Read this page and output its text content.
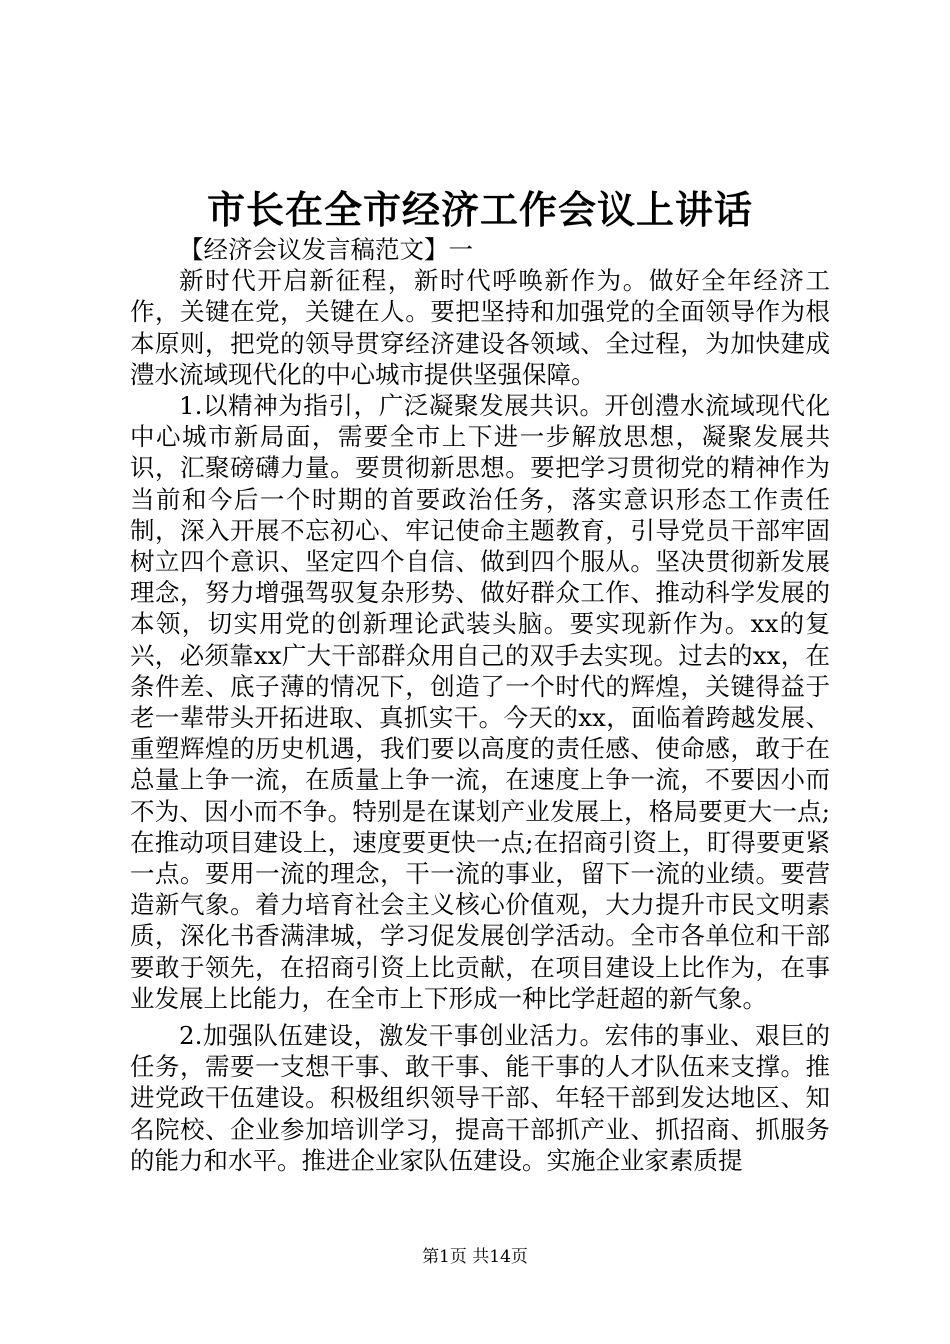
市长在全市经济工作会议上讲话

【经济会议发言稿范文】一

新时代开启新征程，新时代呼唤新作为。做好全年经济工作，关键在党，关键在人。要把坚持和加强党的全面领导作为根本原则，把党的领导贯穿经济建设各领域、全过程，为加快建成澧水流域现代化的中心城市提供坚强保障。

1.以精神为指引，广泛凝聚发展共识。开创澧水流域现代化中心城市新局面，需要全市上下进一步解放思想，凝聚发展共识，汇聚磅礴力量。要贯彻新思想。要把学习贯彻党的精神作为当前和今后一个时期的首要政治任务，落实意识形态工作责任制，深入开展不忘初心、牢记使命主题教育，引导党员干部牢固树立四个意识、坚定四个自信、做到四个服从。坚决贯彻新发展理念，努力增强驾驭复杂形势、做好群众工作、推动科学发展的本领，切实用党的创新理论武装头脑。要实现新作为。xx的复兴，必须靠xx广大干部群众用自己的双手去实现。过去的xx，在条件差、底子薄的情况下，创造了一个时代的辉煌，关键得益于老一辈带头开拓进取、真抓实干。今天的xx，面临着跨越发展、重塑辉煌的历史机遇，我们要以高度的责任感、使命感，敢于在总量上争一流，在质量上争一流，在速度上争一流，不要因小而不为、因小而不争。特别是在谋划产业发展上，格局要更大一点;在推动项目建设上，速度要更快一点;在招商引资上，盯得要更紧一点。要用一流的理念，干一流的事业，留下一流的业绩。要营造新气象。着力培育社会主义核心价值观，大力提升市民文明素质，深化书香满津城，学习促发展创学活动。全市各单位和干部要敢于领先，在招商引资上比贡献，在项目建设上比作为，在事业发展上比能力，在全市上下形成一种比学赶超的新气象。

2.加强队伍建设，激发干事创业活力。宏伟的事业、艰巨的任务，需要一支想干事、敢干事、能干事的人才队伍来支撑。推进党政干伍建设。积极组织领导干部、年轻干部到发达地区、知名院校、企业参加培训学习，提高干部抓产业、抓招商、抓服务的能力和水平。推进企业家队伍建设。实施企业家素质提

第1页 共14页
